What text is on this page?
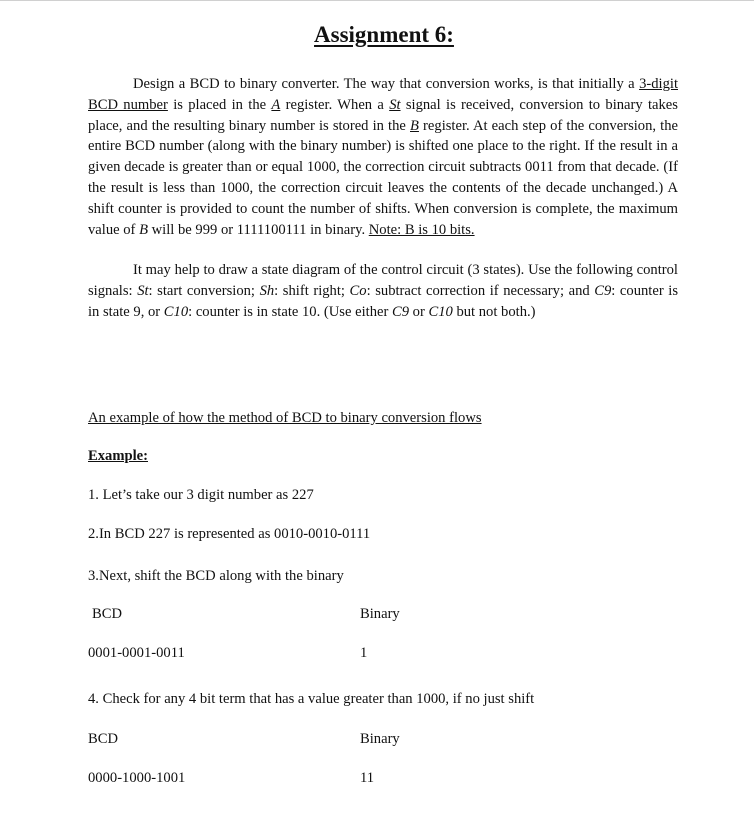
Assignment 6:

Design a BCD to binary converter. The way that conversion works, is that initially a 3-digit BCD number is placed in the A register. When a St signal is received, conversion to binary takes place, and the resulting binary number is stored in the B register. At each step of the conversion, the entire BCD number (along with the binary number) is shifted one place to the right. If the result in a given decade is greater than or equal 1000, the correction circuit subtracts 0011 from that decade. (If the result is less than 1000, the correction circuit leaves the contents of the decade unchanged.) A shift counter is provided to count the number of shifts. When conversion is complete, the maximum value of B will be 999 or 1111100111 in binary. Note: B is 10 bits.

It may help to draw a state diagram of the control circuit (3 states). Use the following control signals: St: start conversion; Sh: shift right; Co: subtract correction if necessary; and C9: counter is in state 9, or C10: counter is in state 10. (Use either C9 or C10 but not both.)

An example of how the method of BCD to binary conversion flows

Example:

1. Let’s take our 3 digit number as 227

2.In BCD 227 is represented as 0010-0010-0111

3.Next, shift the BCD along with the binary

BCD	Binary

0001-0001-0011	1

4. Check for any 4 bit term that has a value greater than 1000, if no just shift

BCD	Binary

0000-1000-1001	11
